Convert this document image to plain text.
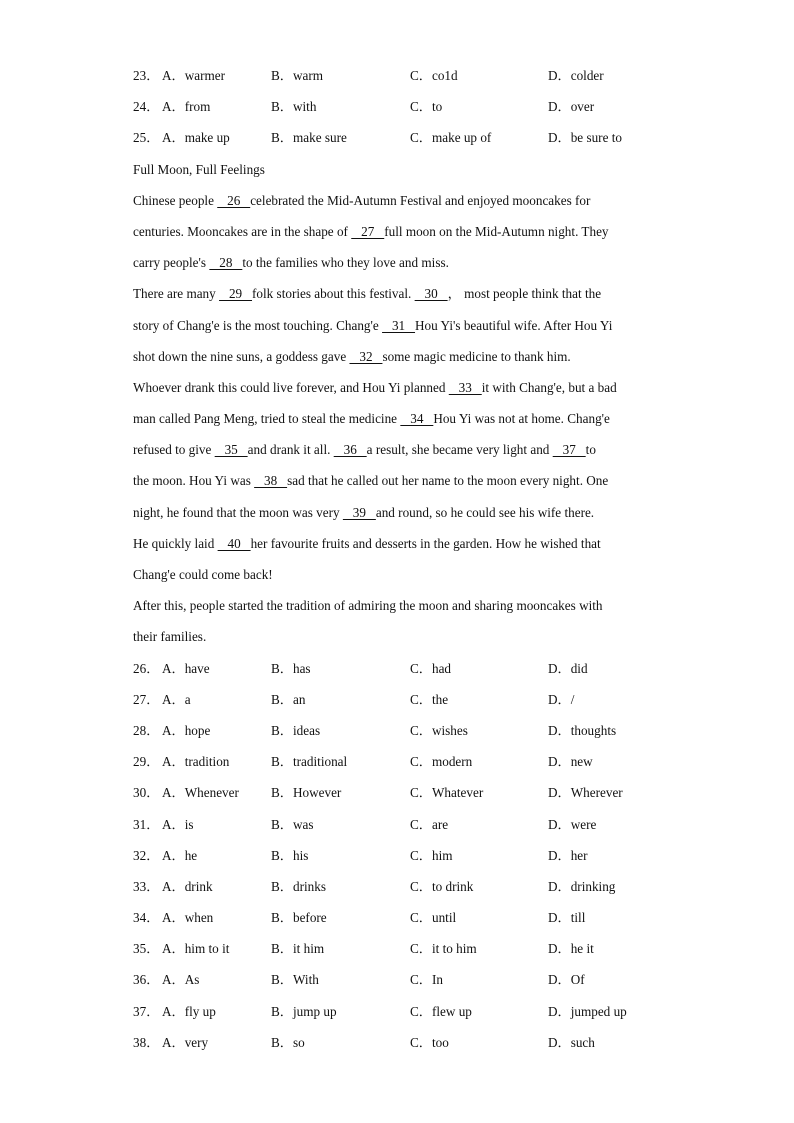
23． A．warmer	B．warm	C．co1d	D．colder
24． A．from	B．with	C．to	D．over
25． A．make up	B．make sure	C．make up of	D．be sure to
Full Moon, Full Feelings
Chinese people    26   celebrated the Mid-Autumn Festival and enjoyed mooncakes for
centuries. Mooncakes are in the shape of    27   full moon on the Mid-Autumn night. They
carry people's    28   to the families who they love and miss.
There are many    29   folk stories about this festival.    30   ， most people think that the
story of Chang'e is the most touching. Chang'e    31   Hou Yi's beautiful wife. After Hou Yi
shot down the nine suns, a goddess gave    32   some magic medicine to thank him.
Whoever drank this could live forever, and Hou Yi planned    33   it with Chang'e, but a bad
man called Pang Meng, tried to steal the medicine    34   Hou Yi was not at home. Chang'e
refused to give    35   and drank it all.    36   a result, she became very light and    37   to
the moon. Hou Yi was    38   sad that he called out her name to the moon every night. One
night, he found that the moon was very    39   and round, so he could see his wife there.
He quickly laid    40   her favourite fruits and desserts in the garden. How he wished that
Chang'e could come back!
After this, people started the tradition of admiring the moon and sharing mooncakes with
their families.
26． A．have	B．has	C．had	D．did
27． A．a	B．an	C．the	D．/
28． A．hope	B．ideas	C．wishes	D．thoughts
29． A．tradition	B．traditional	C．modern	D．new
30． A．Whenever B．However	C．Whatever	D．Wherever
31． A．is	B．was	C．are	D．were
32． A．he	B．his	C．him	D．her
33． A．drink	B．drinks	C．to drink	D．drinking
34． A．when	B．before	C．until	D．till
35． A．him to it	B．it him	C．it to him	D．he it
36． A．As	B．With	C．In	D．Of
37． A．fly up	B．jump up	C．flew up	D．jumped up
38． A．very	B．so	C．too	D．such
